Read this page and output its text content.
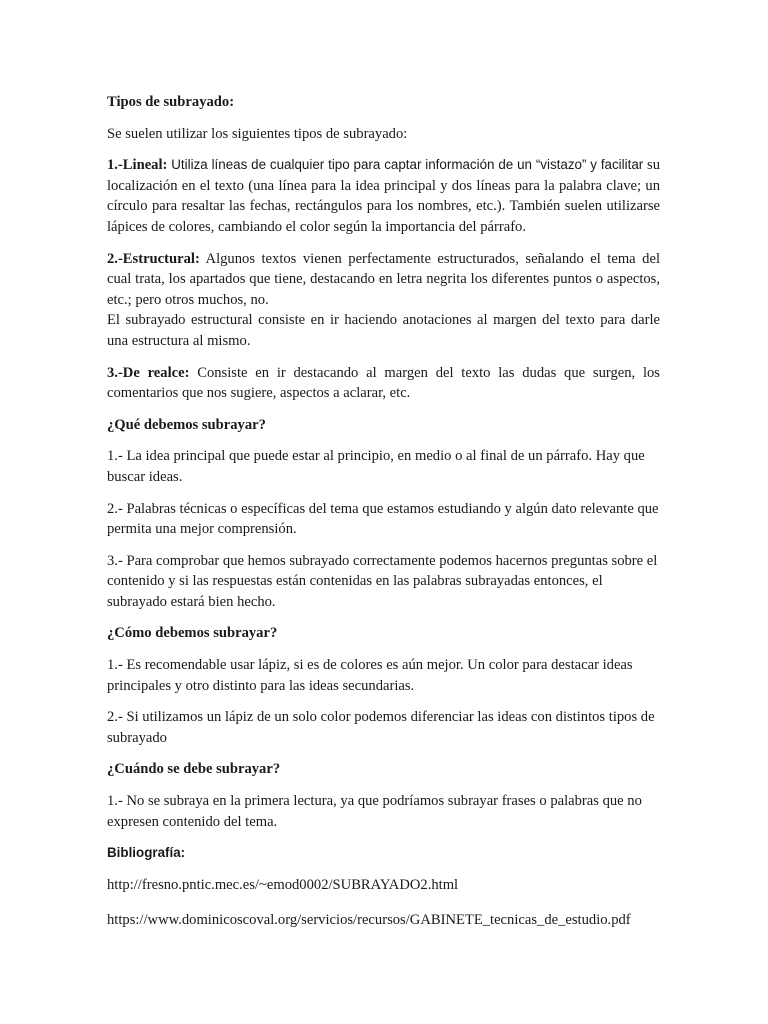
Tipos de subrayado:

Se suelen utilizar los siguientes tipos de subrayado:

1.-Lineal: Utiliza líneas de cualquier tipo para captar información de un “vistazo” y facilitar su localización en el texto (una línea para la idea principal y dos líneas para la palabra clave; un círculo para resaltar las fechas, rectángulos para los nombres, etc.). También suelen utilizarse lápices de colores, cambiando el color según la importancia del párrafo.

2.-Estructural: Algunos textos vienen perfectamente estructurados, señalando el tema del cual trata, los apartados que tiene, destacando en letra negrita los diferentes puntos o aspectos, etc.; pero otros muchos, no.

El subrayado estructural consiste en ir haciendo anotaciones al margen del texto para darle una estructura al mismo.

3.-De realce: Consiste en ir destacando al margen del texto las dudas que surgen, los comentarios que nos sugiere, aspectos a aclarar, etc.

¿Qué debemos subrayar?

1.- La idea principal que puede estar al principio, en medio o al final de un párrafo. Hay que buscar ideas.

2.- Palabras técnicas o específicas del tema que estamos estudiando y algún dato relevante que permita una mejor comprensión.

3.- Para comprobar que hemos subrayado correctamente podemos hacernos preguntas sobre el contenido y si las respuestas están contenidas en las palabras subrayadas entonces, el subrayado estará bien hecho.

¿Cómo debemos subrayar?

1.- Es recomendable usar lápiz, si es de colores es aún mejor. Un color para destacar ideas principales y otro distinto para las ideas secundarias.

2.- Si utilizamos un lápiz de un solo color podemos diferenciar las ideas con distintos tipos de subrayado

¿Cuándo se debe subrayar?

1.- No se subraya en la primera lectura, ya que podríamos subrayar frases o palabras que no expresen contenido del tema.

Bibliografía:

http://fresno.pntic.mec.es/~emod0002/SUBRAYADO2.html

https://www.dominicoscoval.org/servicios/recursos/GABINETE_tecnicas_de_estudio.pdf
